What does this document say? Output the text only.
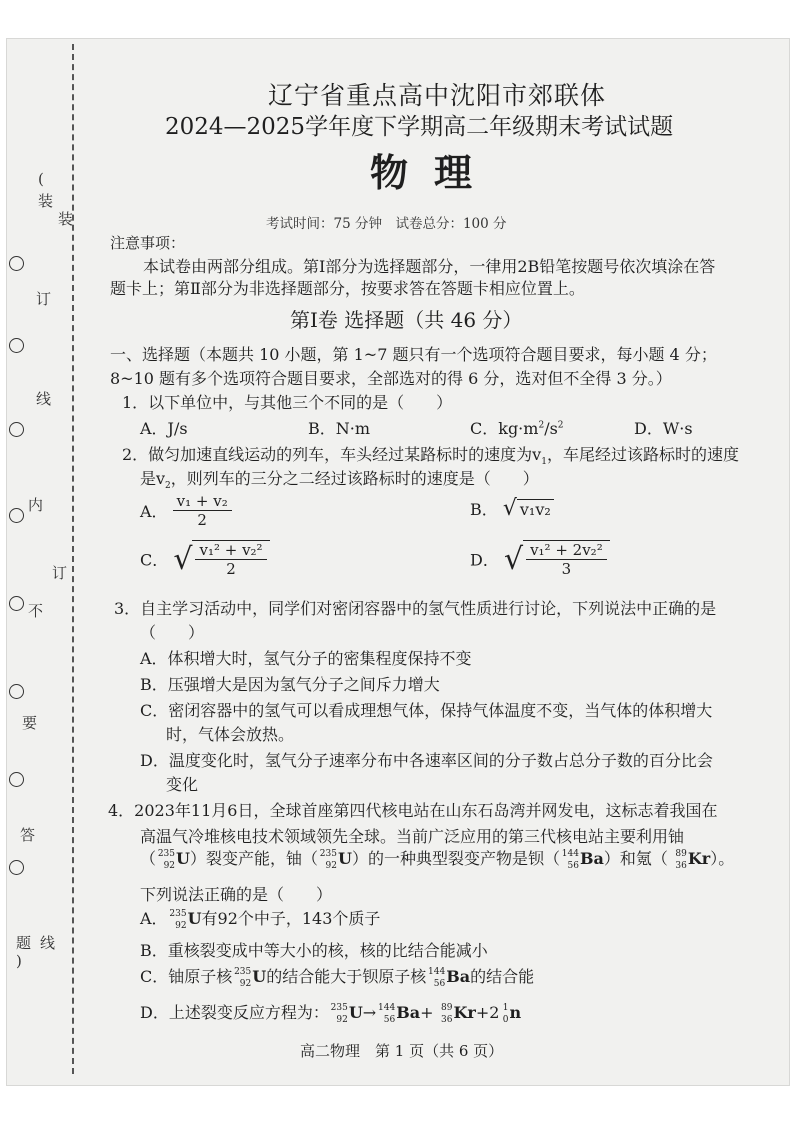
(
装
订
线
内
不
要
答
题
)
装
订
线
辽宁省重点高中沈阳市郊联体
2024—2025学年度下学期高二年级期末考试试题
物理
考试时间：75 分钟　试卷总分：100 分
注意事项：
本试卷由两部分组成。第Ⅰ部分为选择题部分，一律用2B铅笔按题号依次填涂在答
题卡上；第Ⅱ部分为非选择题部分，按要求答在答题卡相应位置上。
第Ⅰ卷 选择题（共 46 分）
一、选择题（本题共 10 小题，第 1~7 题只有一个选项符合题目要求，每小题 4 分；
8~10 题有多个选项符合题目要求，全部选对的得 6 分，选对但不全得 3 分。）
1．以下单位中，与其他三个不同的是（　　）
A．J/s	B．N·m	C．$kg\cdot m^2/s^2$	D．W·s
2．做匀加速直线运动的列车，车头经过某路标时的速度为$v_1$，车尾经过该路标时的速度
是$v_2$，则列车的三分之二经过该路标时的速度是（　　）
A． $\frac{\text{v₁ + v₂}}{2}$	B． √ v₁v₂
C． √ $\frac{\text{v₁² + v₂²}}{2}$	D． √ $\frac{\text{v₁² + 2v₂²}}{3}$
3．自主学习活动中，同学们对密闭容器中的氢气性质进行讨论，下列说法中正确的是
（　　）
A．体积增大时，氢气分子的密集程度保持不变
B．压强增大是因为氢气分子之间斥力增大
C．密闭容器中的氢气可以看成理想气体，保持气体温度不变，当气体的体积增大
时，气体会放热。
D．温度变化时，氢气分子速率分布中各速率区间的分子数占总分子数的百分比会
变化
4．2023年11月6日，全球首座第四代核电站在山东石岛湾并网发电，这标志着我国在
高温气冷堆核电技术领域领先全球。当前广泛应用的第三代核电站主要利用铀
（ 235
92 U）裂变产能，铀（ 235
92 U）的一种典型裂变产物是钡（ 144
56 Ba）和氪（ 89
36 Kr）。
下列说法正确的是（　　）
A． 235
92 U有92个中子，143个质子
B．重核裂变成中等大小的核，核的比结合能减小
C．铀原子核 235
92 U的结合能大于钡原子核 144
56 Ba的结合能
D．上述裂变反应方程为： 235
92 U→ 144
56 Ba+ 89
36 Kr+2 1
0 n
高二物理　第 1 页（共 6 页）
